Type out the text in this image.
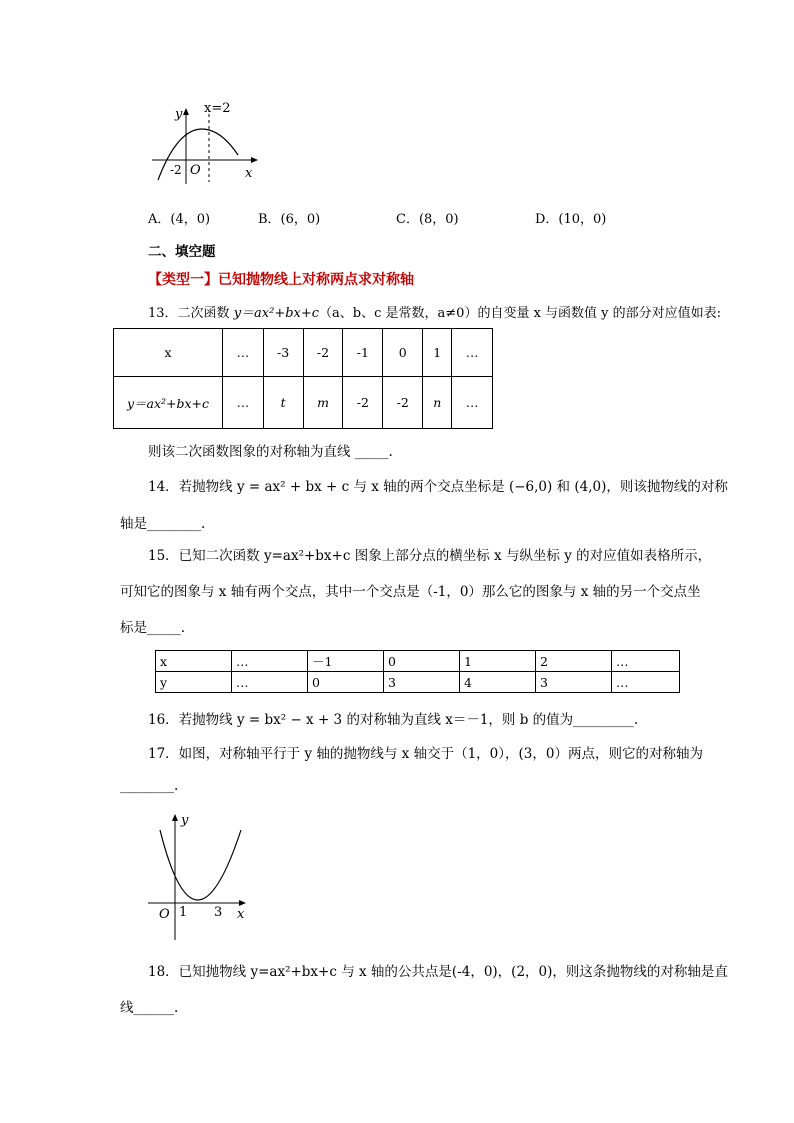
y x=2
O
-2	x
A．(4，0)	B．(6，0)	C．(8，0)	D．(10，0)
二、填空题
【类型一】已知抛物线上对称两点求对称轴
13．二次函数 y＝ax²+bx+c（a、b、c 是常数，a≠0）的自变量 x 与函数值 y 的部分对应值如表:
x	…	-3	-2	-1	0	1	…
y＝ax²+bx+c	…	t	m	-2	-2	n	…
则该二次函数图象的对称轴为直线 _____.
14．若抛物线 y = ax² + bx + c 与 x 轴的两个交点坐标是 (−6,0) 和 (4,0)，则该抛物线的对称
轴是________.
15．已知二次函数 y=ax²+bx+c 图象上部分点的横坐标 x 与纵坐标 y 的对应值如表格所示，
可知它的图象与 x 轴有两个交点，其中一个交点是（-1，0）那么它的图象与 x 轴的另一个交点坐
标是_____.
x	…	－1	0	1	2	…
y	…	0	3	4	3	…
16．若抛物线 y = bx² − x + 3 的对称轴为直线 x＝－1，则 b 的值为_________.
17．如图，对称轴平行于 y 轴的抛物线与 x 轴交于（1，0），(3，0）两点，则它的对称轴为
________.
y
O 1 3 x
18．已知抛物线 y=ax²+bx+c 与 x 轴的公共点是(-4，0)，(2，0)，则这条抛物线的对称轴是直
线______.
